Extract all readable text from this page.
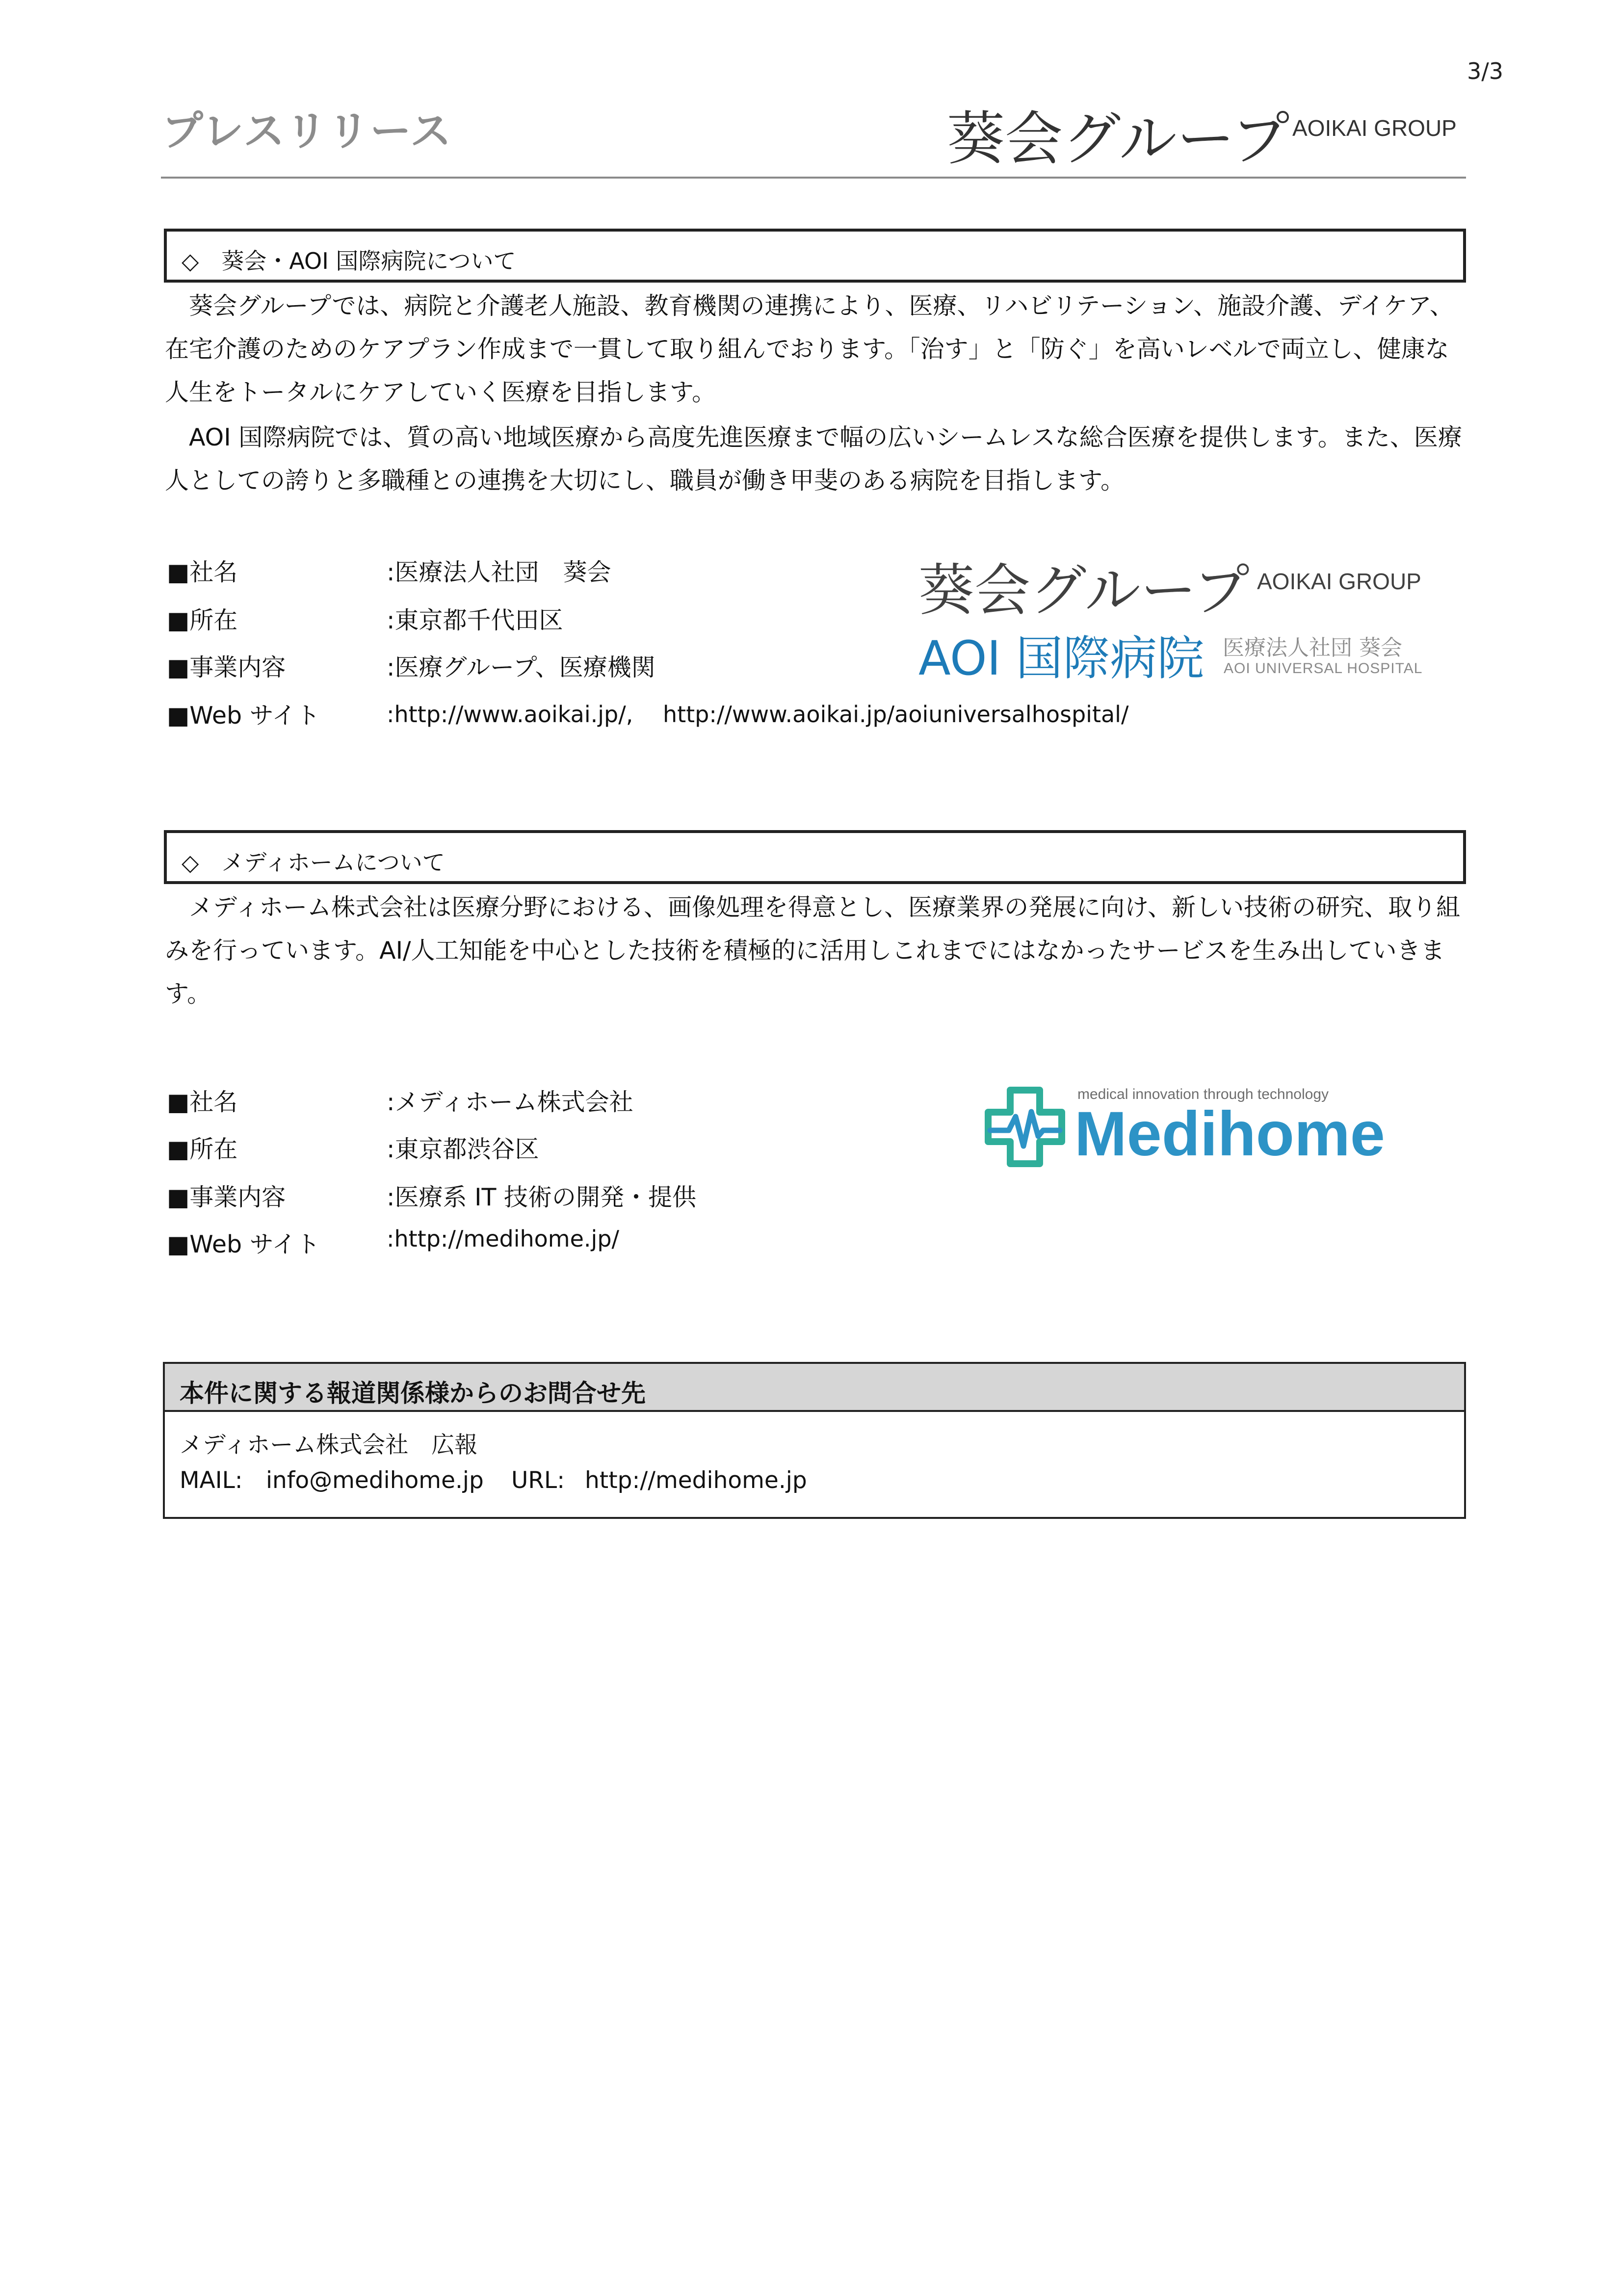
3/3
プレスリリース	葵会グループ AOIKAI GROUP
◇　葵会・AOI 国際病院について

葵会グループでは、病院と介護老人施設、教育機関の連携により、医療、リハビリテーション、施設介護、デイケア、在宅介護のためのケアプラン作成まで一貫して取り組んでおります。「治す」と「防ぐ」を高いレベルで両立し、健康な人生をトータルにケアしていく医療を目指します。

AOI 国際病院では、質の高い地域医療から高度先進医療まで幅の広いシームレスな総合医療を提供します。また、医療人としての誇りと多職種との連携を大切にし、職員が働き甲斐のある病院を目指します。

■社名	:医療法人社団　葵会
■所在	:東京都千代田区
■事業内容	:医療グループ、医療機関
■Web サイト	:http://www.aoikai.jp/,　 http://www.aoikai.jp/aoiuniversalhospital/
葵会グループ AOIKAI GROUP
AOI 国際病院 医療法人社団 葵会
AOI UNIVERSAL HOSPITAL
◇　メディホームについて

メディホーム株式会社は医療分野における、画像処理を得意とし、医療業界の発展に向け、新しい技術の研究、取り組みを行っています。AI/人工知能を中心とした技術を積極的に活用しこれまでにはなかったサービスを生み出していきます。

■社名	:メディホーム株式会社
■所在	:東京都渋谷区
■事業内容	:医療系 IT 技術の開発・提供
■Web サイト	:http://medihome.jp/
medical innovation through technology
Medihome
本件に関する報道関係様からのお問合せ先
メディホーム株式会社　広報
MAIL: info@medihome.jp URL: http://medihome.jp
